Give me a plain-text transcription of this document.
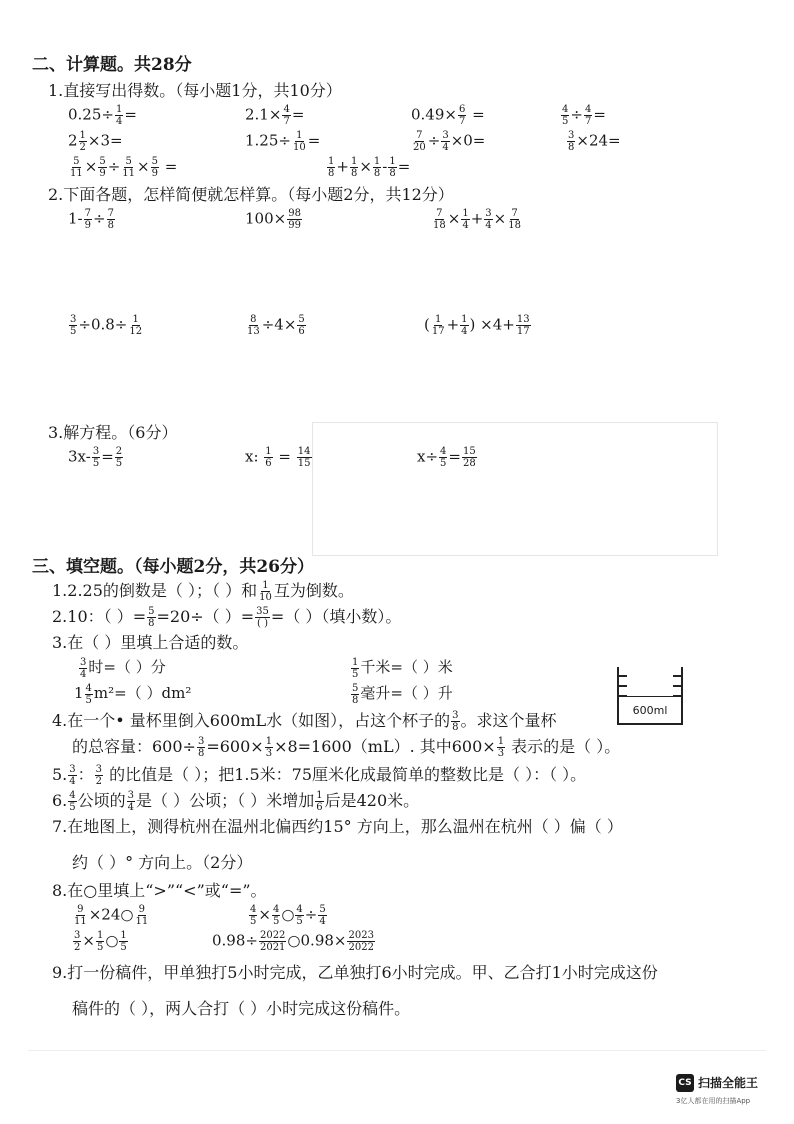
二、计算题。共28分
1.直接写出得数。（每小题1分，共10分）
$0.25\div \frac{1}{4}$ =	$2.1\times \frac{4}{7}$ =	$0.49\times \frac{6}{7}$ =	$\frac{4}{5} \div \frac{4}{7}$ =
$2 \frac{1}{2} \times 3=$	$1.25\div \frac{1}{10}$ =	$\frac{7}{20} \div \frac{3}{4} \times 0=$	$\frac{3}{8} \times 24=$
$\frac{5}{11} \times \frac{5}{9} \div \frac{5}{11} \times \frac{5}{9}$ =	$\frac{1}{8} + \frac{1}{8} \times \frac{1}{8} - \frac{1}{8}$ =
2.下面各题，怎样简便就怎样算。（每小题2分，共12分）
$1- \frac{7}{9} \div \frac{7}{8}$	$100\times \frac{98}{99}$	$\frac{7}{18} \times \frac{1}{4} + \frac{3}{4} \times \frac{7}{18}$
$\frac{3}{5} \div 0.8\div \frac{1}{12}$	$\frac{8}{13} \div 4\times \frac{5}{6}$	( $\frac{1}{17} + \frac{1}{4}$ ) $\times 4+ \frac{13}{17}$
3.解方程。（6分）
$3x- \frac{3}{5} = \frac{2}{5}$	x: $\frac{1}{6} = \frac{14}{15}$	$x\div \frac{4}{5} = \frac{15}{28}$
三、填空题。（每小题2分，共26分）
1.2.25的倒数是（ ）；（ ）和 $\frac{1}{10}$ 互为倒数。
2.10：（ ）= $\frac{5}{8} =20\div$（ ）= $\frac{35}{( )}$ =（ ）（填小数）。
3.在（ ）里填上合适的数。
$\frac{3}{4}$ 时=（ ）分	$\frac{1}{5}$ 千米=（ ）米
$1 \frac{4}{5} m^2=$（ ）dm²	$\frac{5}{8}$ 毫升=（ ）升
600ml
4.在一个• 量杯里倒入600mL水（如图），占这个杯子的 $\frac{3}{8}$ 。求这个量杯
的总容量：$600\div \frac{3}{8} =600\times \frac{1}{3} \times 8=1600(mL)$. 其中$600\times \frac{1}{3}$ 表示的是（ ）。
5. $\frac{3}{4}$ ： $\frac{3}{2}$ 的比值是（ ）；把1.5米：75厘米化成最简单的整数比是（ ）：（ ）。
6. $\frac{4}{5}$ 公顷的 $\frac{3}{4}$ 是（ ）公顷；（ ）米增加 $\frac{1}{6}$ 后是420米。
7.在地图上，测得杭州在温州北偏西约15° 方向上，那么温州在杭州（ ）偏（ ）
约（ ）° 方向上。（2分）
8.在○里填上“>”“<”或“=”。
$\frac{9}{11}$ ×24○ $\frac{9}{11}$	$\frac{4}{5} \times \frac{4}{5}$ ○ $\frac{4}{5} \div \frac{5}{4}$
$\frac{3}{2} \times \frac{1}{5}$ ○ $\frac{1}{5}$	$0.98\div \frac{2022}{2021}$ ○0.98× $\frac{2023}{2022}$
9.打一份稿件，甲单独打5小时完成，乙单独打6小时完成。甲、乙合打1小时完成这份
稿件的（ ），两人合打（ ）小时完成这份稿件。
CS 扫描全能王
3亿人都在用的扫描App
